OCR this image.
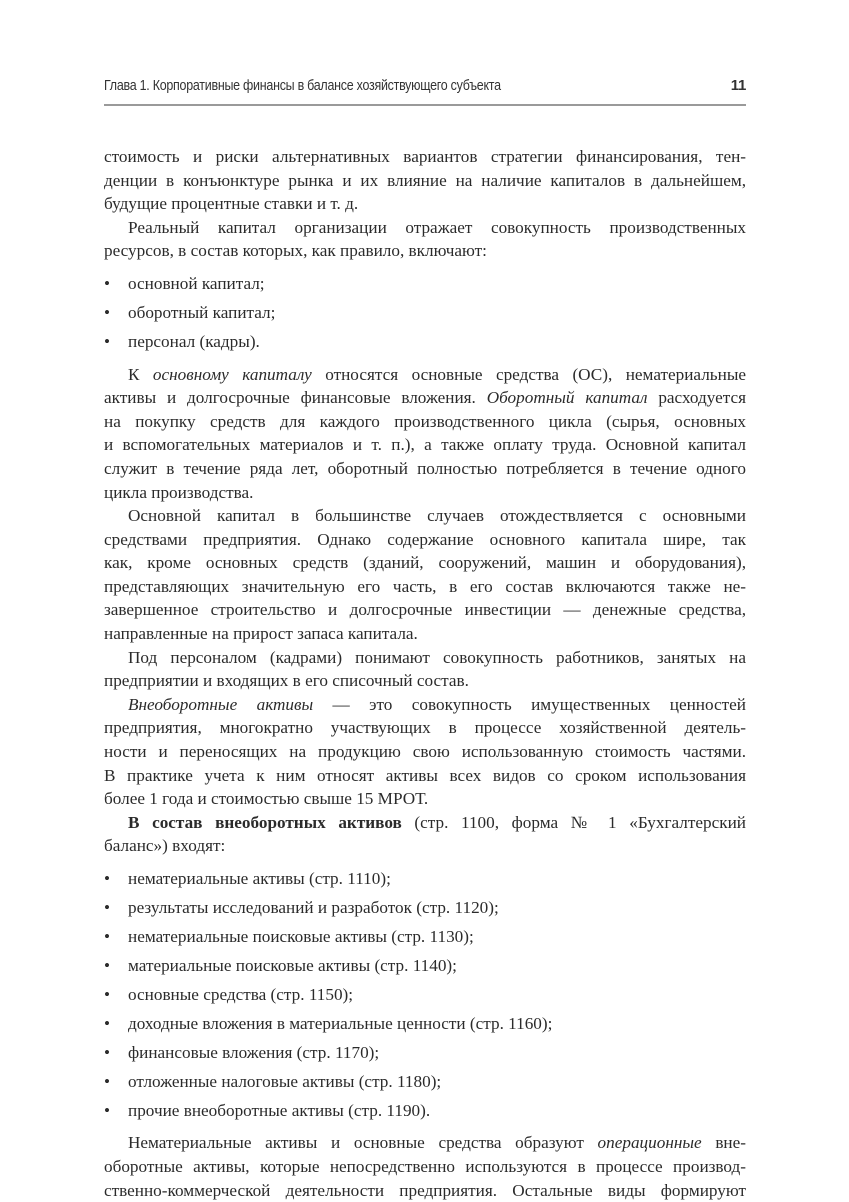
Глава 1. Корпоративные финансы в балансе хозяйствующего субъекта	11
стоимость и риски альтернативных вариантов стратегии финансирования, тен-
денции в конъюнктуре рынка и их влияние на наличие капиталов в дальнейшем,
будущие процентные ставки и т. д.
Реальный капитал организации отражает совокупность производственных
ресурсов, в состав которых, как правило, включают:
• основной капитал;
• оборотный капитал;
• персонал (кадры).
К основному капиталу относятся основные средства (ОС), нематериальные
активы и долгосрочные финансовые вложения. Оборотный капитал расходуется
на покупку средств для каждого производственного цикла (сырья, основных
и вспомогательных материалов и т. п.), а также оплату труда. Основной капитал
служит в течение ряда лет, оборотный полностью потребляется в течение одного
цикла производства.
Основной капитал в большинстве случаев отождествляется с основными
средствами предприятия. Однако содержание основного капитала шире, так
как, кроме основных средств (зданий, сооружений, машин и оборудования),
представляющих значительную его часть, в его состав включаются также не-
завершенное строительство и долгосрочные инвестиции — денежные средства,
направленные на прирост запаса капитала.
Под персоналом (кадрами) понимают совокупность работников, занятых на
предприятии и входящих в его списочный состав.
Внеоборотные активы — это совокупность имущественных ценностей
предприятия, многократно участвующих в процессе хозяйственной деятель-
ности и переносящих на продукцию свою использованную стоимость частями.
В практике учета к ним относят активы всех видов со сроком использования
более 1 года и стоимостью свыше 15 МРОТ.
В состав внеоборотных активов (стр. 1100, форма № 1 «Бухгалтерский
баланс») входят:
• нематериальные активы (стр. 1110);
• результаты исследований и разработок (стр. 1120);
• нематериальные поисковые активы (стр. 1130);
• материальные поисковые активы (стр. 1140);
• основные средства (стр. 1150);
• доходные вложения в материальные ценности (стр. 1160);
• финансовые вложения (стр. 1170);
• отложенные налоговые активы (стр. 1180);
• прочие внеоборотные активы (стр. 1190).
Нематериальные активы и основные средства образуют операционные вне-
оборотные активы, которые непосредственно используются в процессе производ-
ственно-коммерческой деятельности предприятия. Остальные виды формируют
